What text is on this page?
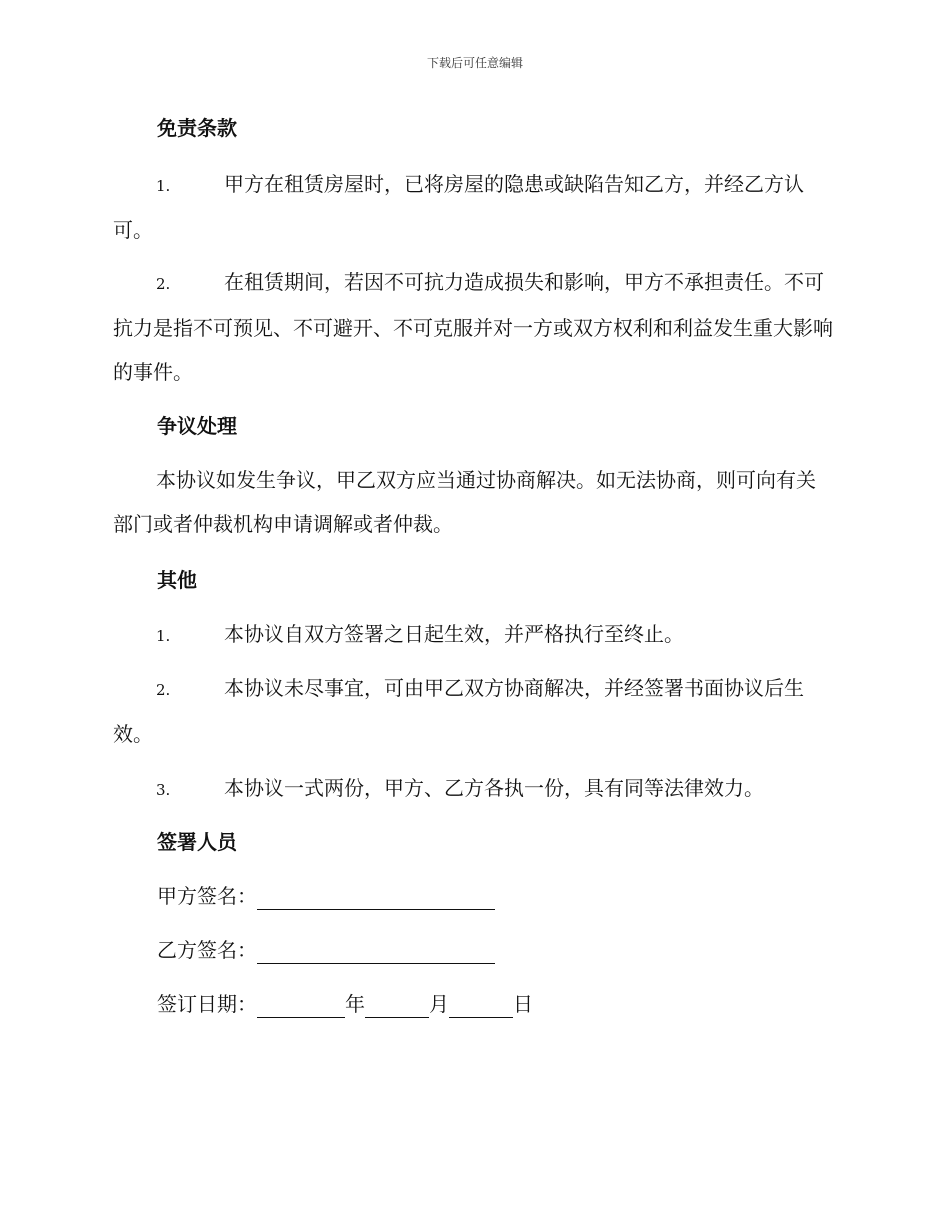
下载后可任意编辑
免责条款
1.	甲方在租赁房屋时，已将房屋的隐患或缺陷告知乙方，并经乙方认可。
2.	在租赁期间，若因不可抗力造成损失和影响，甲方不承担责任。不可抗力是指不可预见、不可避开、不可克服并对一方或双方权利和利益发生重大影响的事件。
争议处理
本协议如发生争议，甲乙双方应当通过协商解决。如无法协商，则可向有关部门或者仲裁机构申请调解或者仲裁。
其他
1.	本协议自双方签署之日起生效，并严格执行至终止。
2.	本协议未尽事宜，可由甲乙双方协商解决，并经签署书面协议后生效。
3.	本协议一式两份，甲方、乙方各执一份，具有同等法律效力。
签署人员
甲方签名：
乙方签名：
签订日期：	年	月	日
